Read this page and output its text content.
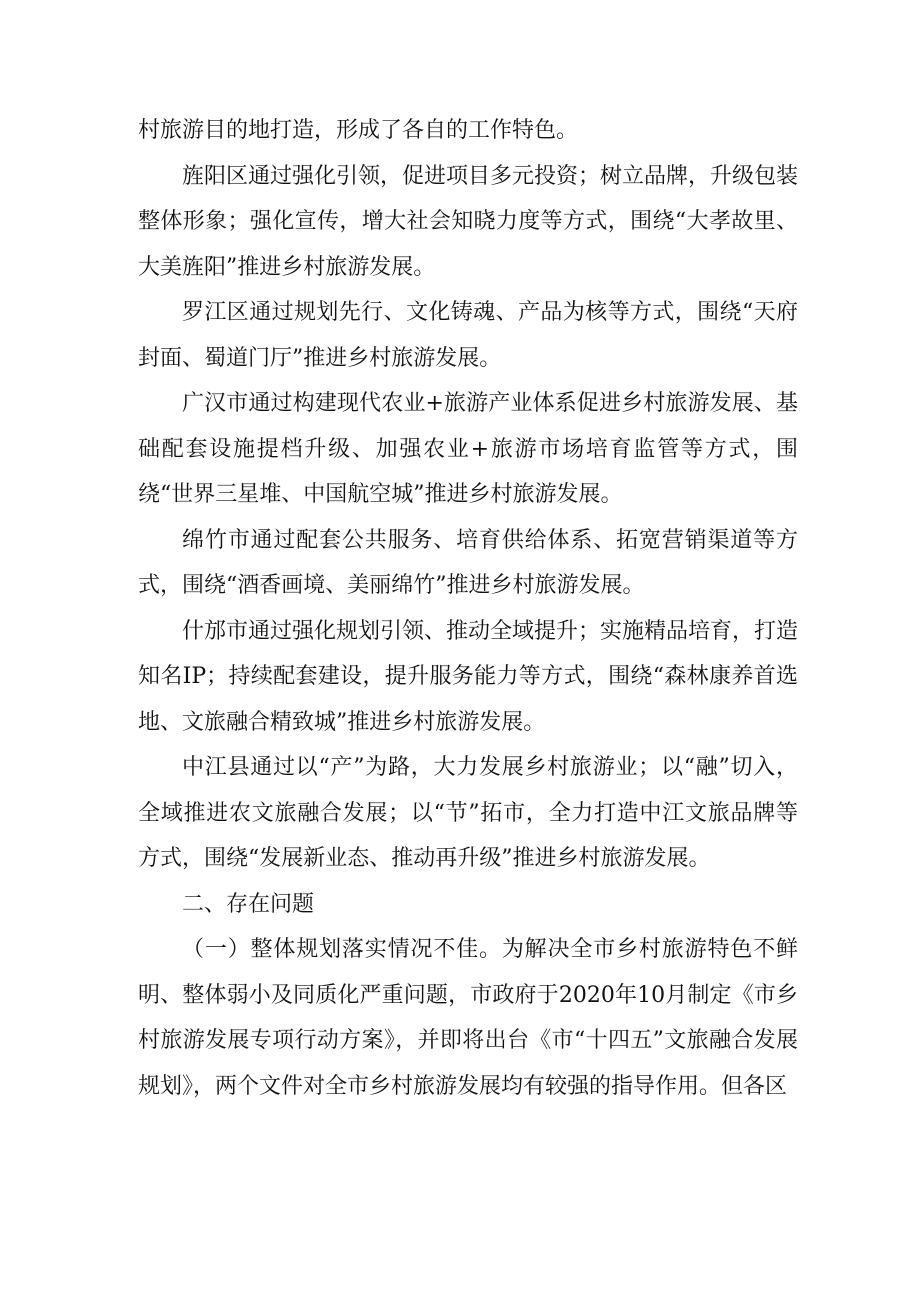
村旅游目的地打造，形成了各自的工作特色。

旌阳区通过强化引领，促进项目多元投资；树立品牌，升级包装整体形象；强化宣传，增大社会知晓力度等方式，围绕“大孝故里、大美旌阳”推进乡村旅游发展。

罗江区通过规划先行、文化铸魂、产品为核等方式，围绕“天府封面、蜀道门厅”推进乡村旅游发展。

广汉市通过构建现代农业+旅游产业体系促进乡村旅游发展、基础配套设施提档升级、加强农业+旅游市场培育监管等方式，围绕“世界三星堆、中国航空城”推进乡村旅游发展。

绵竹市通过配套公共服务、培育供给体系、拓宽营销渠道等方式，围绕“酒香画境、美丽绵竹”推进乡村旅游发展。

什邡市通过强化规划引领、推动全域提升；实施精品培育，打造知名IP；持续配套建设，提升服务能力等方式，围绕“森林康养首选地、文旅融合精致城”推进乡村旅游发展。

中江县通过以“产”为路，大力发展乡村旅游业；以“融”切入，全域推进农文旅融合发展；以“节”拓市，全力打造中江文旅品牌等方式，围绕“发展新业态、推动再升级”推进乡村旅游发展。

二、存在问题

（一）整体规划落实情况不佳。为解决全市乡村旅游特色不鲜明、整体弱小及同质化严重问题，市政府于2020年10月制定《市乡村旅游发展专项行动方案》，并即将出台《市“十四五”文旅融合发展规划》，两个文件对全市乡村旅游发展均有较强的指导作用。但各区
